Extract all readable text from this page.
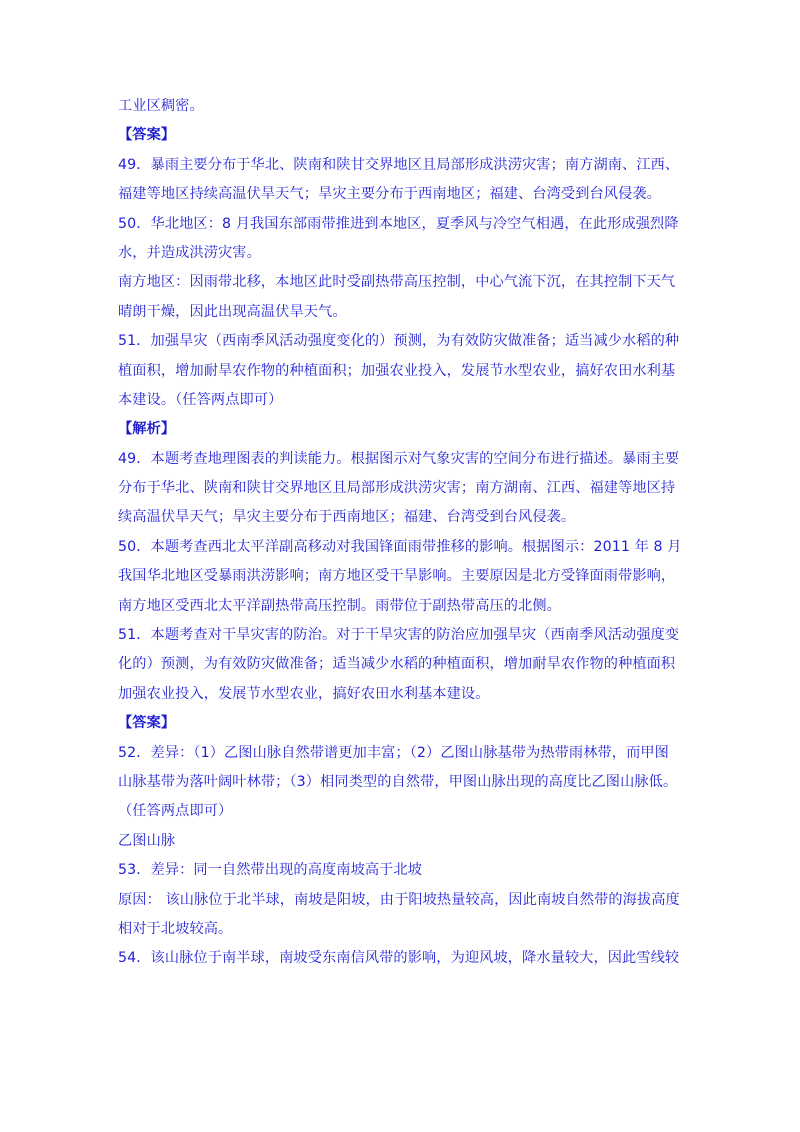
工业区稠密。
【答案】
49．暴雨主要分布于华北、陕南和陕甘交界地区且局部形成洪涝灾害；南方湖南、江西、
福建等地区持续高温伏旱天气；旱灾主要分布于西南地区；福建、台湾受到台风侵袭。
50．华北地区：8 月我国东部雨带推进到本地区，夏季风与冷空气相遇，在此形成强烈降
水，并造成洪涝灾害。
南方地区：因雨带北移，本地区此时受副热带高压控制，中心气流下沉，在其控制下天气
晴朗干燥，因此出现高温伏旱天气。
51．加强旱灾（西南季风活动强度变化的）预测，为有效防灾做准备；适当减少水稻的种
植面积，增加耐旱农作物的种植面积；加强农业投入，发展节水型农业，搞好农田水利基
本建设。（任答两点即可）
【解析】
49．本题考查地理图表的判读能力。根据图示对气象灾害的空间分布进行描述。暴雨主要
分布于华北、陕南和陕甘交界地区且局部形成洪涝灾害；南方湖南、江西、福建等地区持
续高温伏旱天气；旱灾主要分布于西南地区；福建、台湾受到台风侵袭。
50．本题考查西北太平洋副高移动对我国锋面雨带推移的影响。根据图示：2011 年 8 月
我国华北地区受暴雨洪涝影响；南方地区受干旱影响。主要原因是北方受锋面雨带影响，
南方地区受西北太平洋副热带高压控制。雨带位于副热带高压的北侧。
51．本题考查对干旱灾害的防治。对于干旱灾害的防治应加强旱灾（西南季风活动强度变
化的）预测，为有效防灾做准备；适当减少水稻的种植面积，增加耐旱农作物的种植面积
加强农业投入，发展节水型农业，搞好农田水利基本建设。
【答案】
52．差异：（1）乙图山脉自然带谱更加丰富；（2）乙图山脉基带为热带雨林带，而甲图
山脉基带为落叶阔叶林带；（3）相同类型的自然带，甲图山脉出现的高度比乙图山脉低。
（任答两点即可）
乙图山脉
53．差异：同一自然带出现的高度南坡高于北坡
原因： 该山脉位于北半球，南坡是阳坡，由于阳坡热量较高，因此南坡自然带的海拔高度
相对于北坡较高。
54．该山脉位于南半球，南坡受东南信风带的影响，为迎风坡，降水量较大，因此雪线较
